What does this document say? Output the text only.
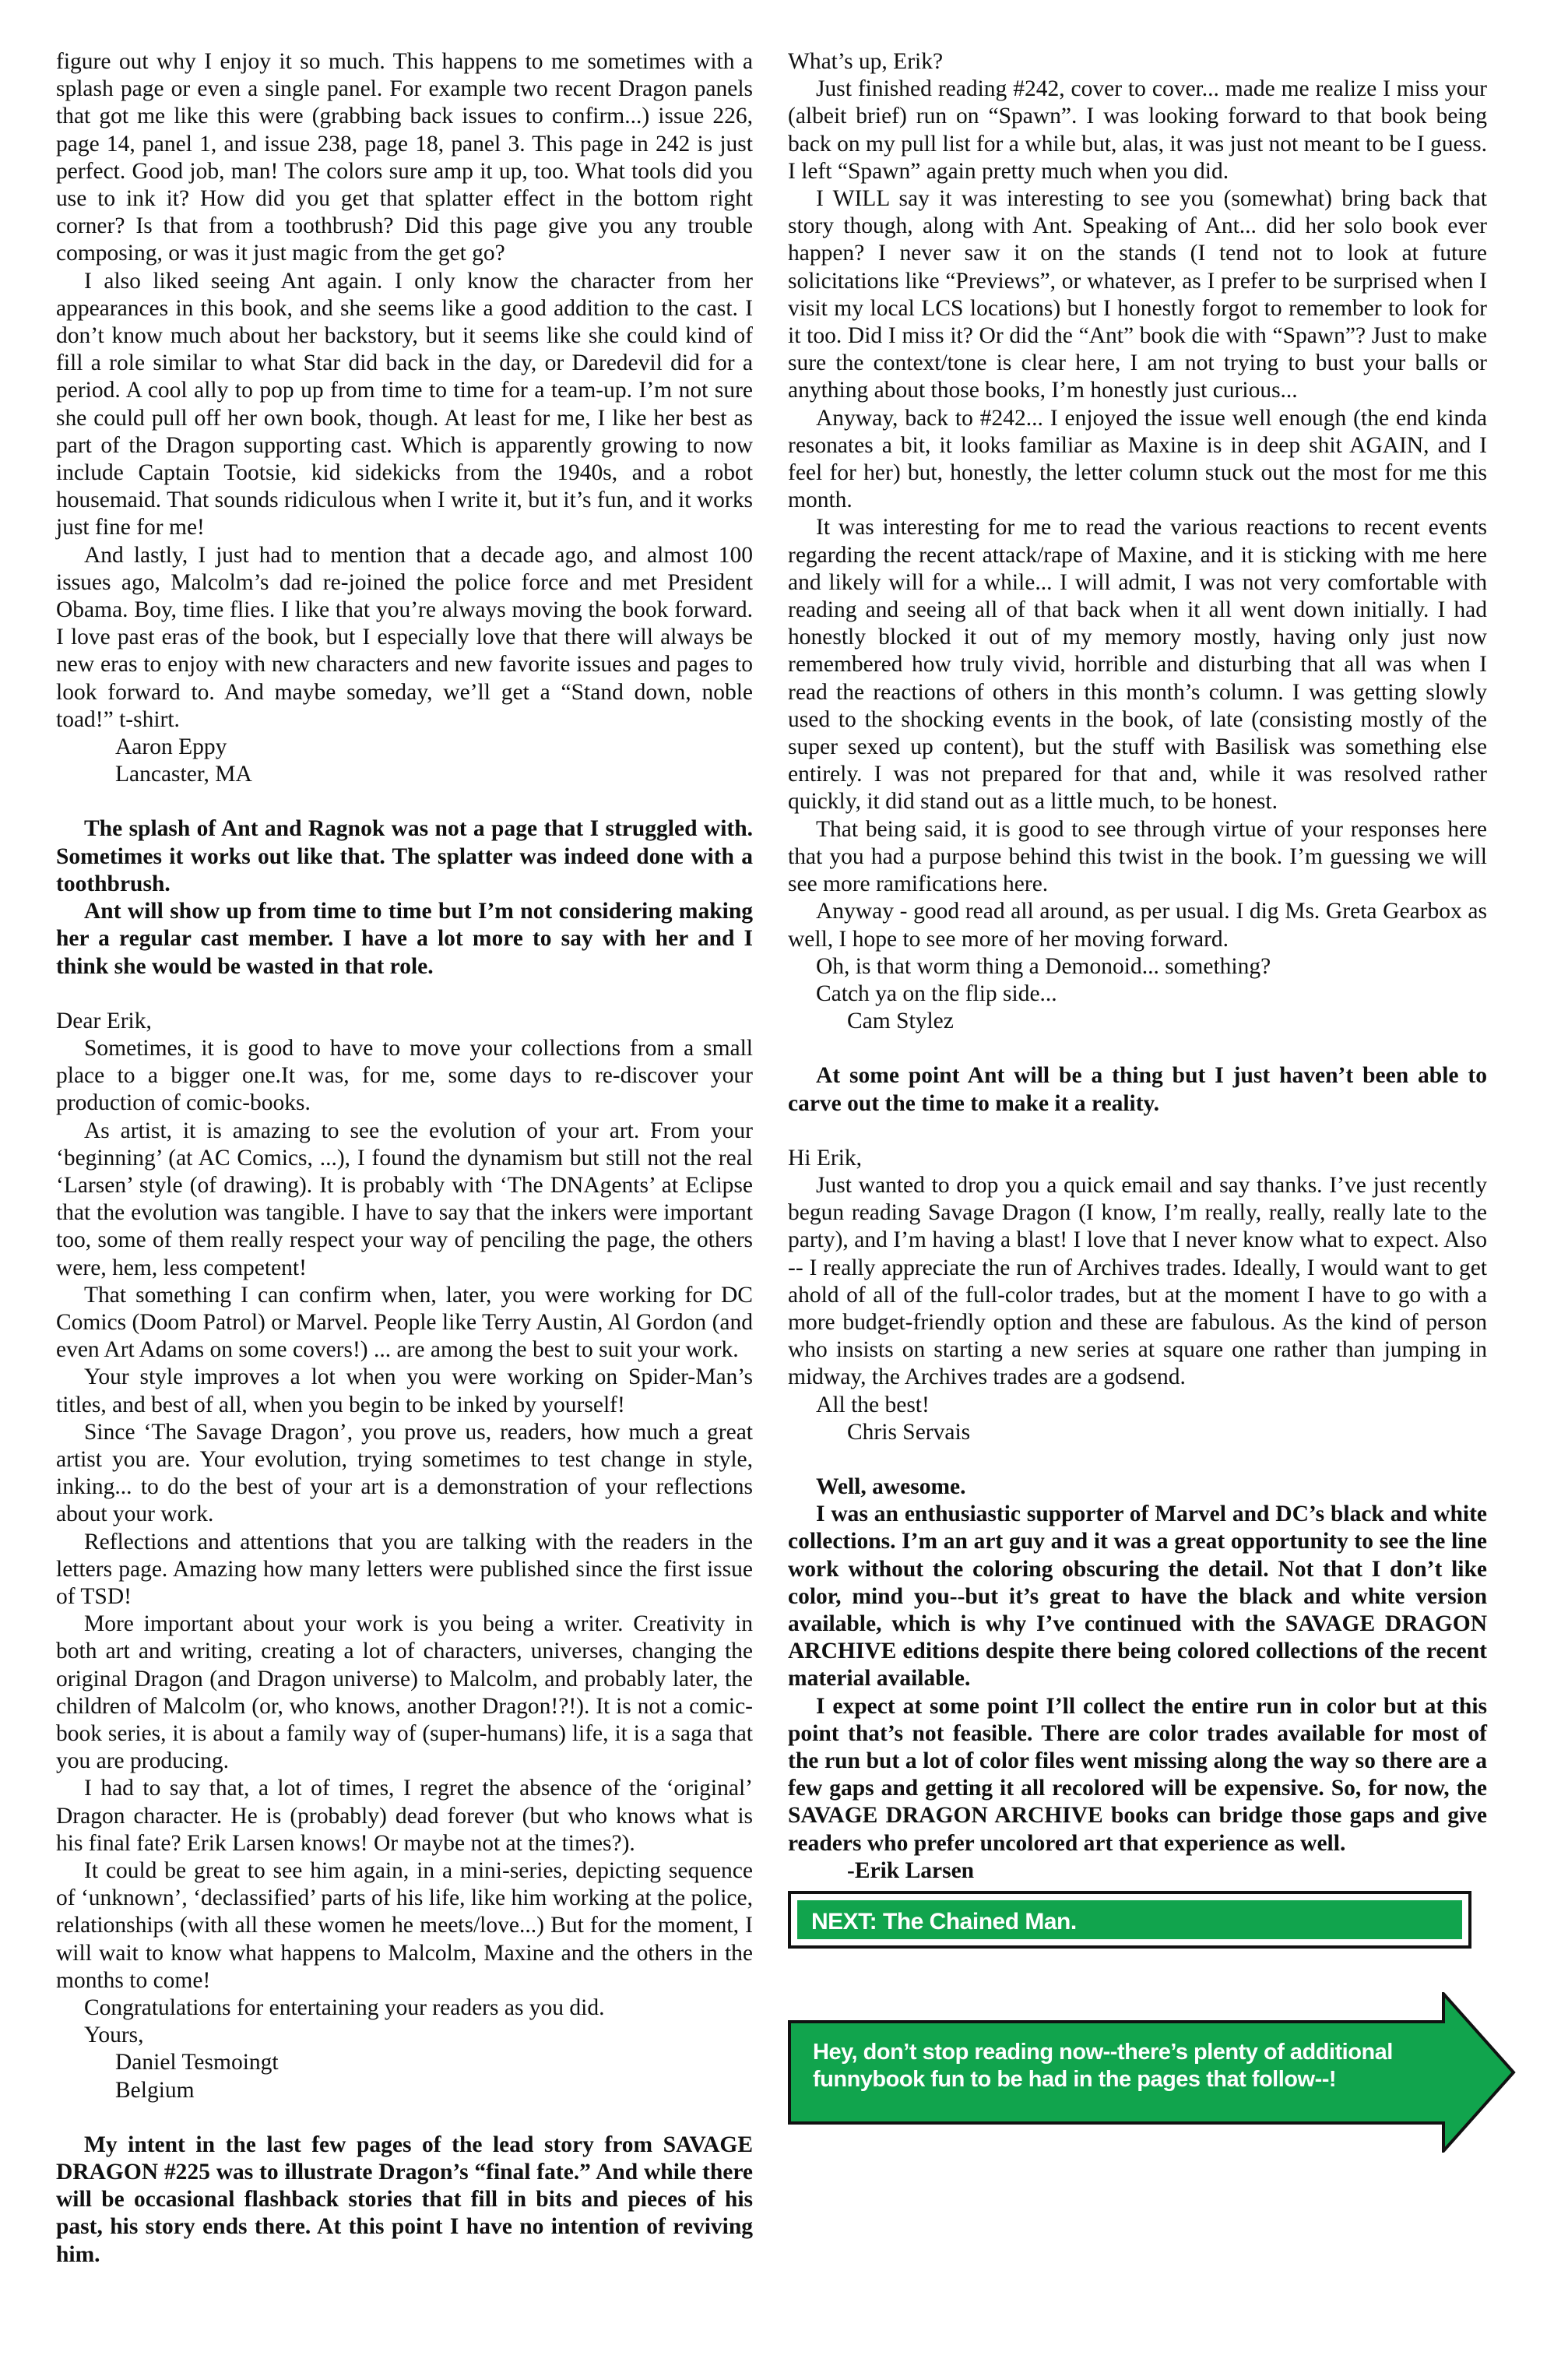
figure out why I enjoy it so much. This happens to me sometimes with a splash page or even a single panel. For example two recent Dragon panels that got me like this were (grabbing back issues to confirm...) issue 226, page 14, panel 1, and issue 238, page 18, panel 3. This page in 242 is just perfect. Good job, man! The colors sure amp it up, too. What tools did you use to ink it? How did you get that splatter effect in the bottom right corner? Is that from a toothbrush? Did this page give you any trouble composing, or was it just magic from the get go?

I also liked seeing Ant again. I only know the character from her appearances in this book, and she seems like a good addition to the cast. I don’t know much about her backstory, but it seems like she could kind of fill a role similar to what Star did back in the day, or Daredevil did for a period. A cool ally to pop up from time to time for a team-up. I’m not sure she could pull off her own book, though. At least for me, I like her best as part of the Dragon supporting cast. Which is apparently growing to now include Captain Tootsie, kid sidekicks from the 1940s, and a robot housemaid. That sounds ridiculous when I write it, but it’s fun, and it works just fine for me!

And lastly, I just had to mention that a decade ago, and almost 100 issues ago, Malcolm’s dad re-joined the police force and met President Obama. Boy, time flies. I like that you’re always moving the book forward. I love past eras of the book, but I especially love that there will always be new eras to enjoy with new characters and new favorite issues and pages to look forward to. And maybe someday, we’ll get a “Stand down, noble toad!” t-shirt.

Aaron Eppy

Lancaster, MA

The splash of Ant and Ragnok was not a page that I struggled with. Sometimes it works out like that. The splatter was indeed done with a toothbrush.

Ant will show up from time to time but I’m not considering making her a regular cast member. I have a lot more to say with her and I think she would be wasted in that role.

Dear Erik,

Sometimes, it is good to have to move your collections from a small place to a bigger one.It was, for me, some days to re-discover your production of comic-books.

As artist, it is amazing to see the evolution of your art. From your ‘beginning’ (at AC Comics, ...), I found the dynamism but still not the real ‘Larsen’ style (of drawing). It is probably with ‘The DNAgents’ at Eclipse that the evolution was tangible. I have to say that the inkers were important too, some of them really respect your way of penciling the page, the others were, hem, less competent!

That something I can confirm when, later, you were working for DC Comics (Doom Patrol) or Marvel. People like Terry Austin, Al Gordon (and even Art Adams on some covers!) ... are among the best to suit your work.

Your style improves a lot when you were working on Spider-Man’s titles, and best of all, when you begin to be inked by yourself!

Since ‘The Savage Dragon’, you prove us, readers, how much a great artist you are. Your evolution, trying sometimes to test change in style, inking... to do the best of your art is a demonstration of your reflections about your work.

Reflections and attentions that you are talking with the readers in the letters page. Amazing how many letters were published since the first issue of TSD!

More important about your work is you being a writer. Creativity in both art and writing, creating a lot of characters, universes, changing the original Dragon (and Dragon universe) to Malcolm, and probably later, the children of Malcolm (or, who knows, another Dragon!?!). It is not a comic-book series, it is about a family way of (super-humans) life, it is a saga that you are producing.

I had to say that, a lot of times, I regret the absence of the ‘original’ Dragon character. He is (probably) dead forever (but who knows what is his final fate? Erik Larsen knows! Or maybe not at the times?).

It could be great to see him again, in a mini-series, depicting sequence of ‘unknown’, ‘declassified’ parts of his life, like him working at the police, relationships (with all these women he meets/love...) But for the moment, I will wait to know what happens to Malcolm, Maxine and the others in the months to come!

Congratulations for entertaining your readers as you did.

Yours,

Daniel Tesmoingt

Belgium

My intent in the last few pages of the lead story from SAVAGE DRAGON #225 was to illustrate Dragon’s “final fate.” And while there will be occasional flashback stories that fill in bits and pieces of his past, his story ends there. At this point I have no intention of reviving him.

What’s up, Erik?

Just finished reading #242, cover to cover... made me realize I miss your (albeit brief) run on “Spawn”. I was looking forward to that book being back on my pull list for a while but, alas, it was just not meant to be I guess. I left “Spawn” again pretty much when you did.

I WILL say it was interesting to see you (somewhat) bring back that story though, along with Ant. Speaking of Ant... did her solo book ever happen? I never saw it on the stands (I tend not to look at future solicitations like “Previews”, or whatever, as I prefer to be surprised when I visit my local LCS locations) but I honestly forgot to remember to look for it too. Did I miss it? Or did the “Ant” book die with “Spawn”? Just to make sure the context/tone is clear here, I am not trying to bust your balls or anything about those books, I’m honestly just curious...

Anyway, back to #242... I enjoyed the issue well enough (the end kinda resonates a bit, it looks familiar as Maxine is in deep shit AGAIN, and I feel for her) but, honestly, the letter column stuck out the most for me this month.

It was interesting for me to read the various reactions to recent events regarding the recent attack/rape of Maxine, and it is sticking with me here and likely will for a while... I will admit, I was not very comfortable with reading and seeing all of that back when it all went down initially. I had honestly blocked it out of my memory mostly, having only just now remembered how truly vivid, horrible and disturbing that all was when I read the reactions of others in this month’s column. I was getting slowly used to the shocking events in the book, of late (consisting mostly of the super sexed up content), but the stuff with Basilisk was something else entirely. I was not prepared for that and, while it was resolved rather quickly, it did stand out as a little much, to be honest.

That being said, it is good to see through virtue of your responses here that you had a purpose behind this twist in the book. I’m guessing we will see more ramifications here.

Anyway - good read all around, as per usual. I dig Ms. Greta Gearbox as well, I hope to see more of her moving forward.

Oh, is that worm thing a Demonoid... something?

Catch ya on the flip side...

Cam Stylez

At some point Ant will be a thing but I just haven’t been able to carve out the time to make it a reality.

Hi Erik,

Just wanted to drop you a quick email and say thanks. I’ve just recently begun reading Savage Dragon (I know, I’m really, really, really late to the party), and I’m having a blast! I love that I never know what to expect. Also -- I really appreciate the run of Archives trades. Ideally, I would want to get ahold of all of the full-color trades, but at the moment I have to go with a more budget-friendly option and these are fabulous. As the kind of person who insists on starting a new series at square one rather than jumping in midway, the Archives trades are a godsend.

All the best!

Chris Servais

Well, awesome.

I was an enthusiastic supporter of Marvel and DC’s black and white collections. I’m an art guy and it was a great opportunity to see the line work without the coloring obscuring the detail. Not that I don’t like color, mind you--but it’s great to have the black and white version available, which is why I’ve continued with the SAVAGE DRAGON ARCHIVE editions despite there being colored collections of the recent material available.

I expect at some point I’ll collect the entire run in color but at this point that’s not feasible. There are color trades available for most of the run but a lot of color files went missing along the way so there are a few gaps and getting it all recolored will be expensive. So, for now, the SAVAGE DRAGON ARCHIVE books can bridge those gaps and give readers who prefer uncolored art that experience as well.

-Erik Larsen

NEXT: The Chained Man.
Hey, don’t stop reading now--there’s plenty of additional funnybook fun to be had in the pages that follow--!
